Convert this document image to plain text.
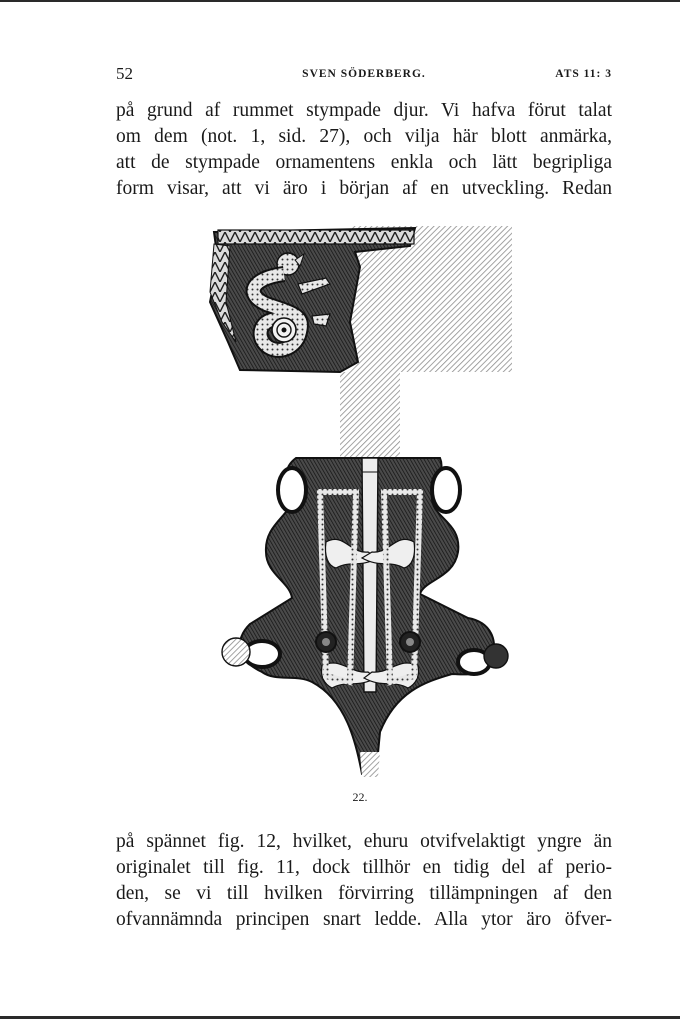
52	SVEN SÖDERBERG.	ATS 11: 3
på grund af rummet stympade djur. Vi hafva förut talat
om dem (not. 1, sid. 27), och vilja här blott anmärka,
att de stympade ornamentens enkla och lätt begripliga
form visar, att vi äro i början af en utveckling. Redan
22.
på spännet fig. 12, hvilket, ehuru otvifvelaktigt yngre än
originalet till fig. 11, dock tillhör en tidig del af perio-
den, se vi till hvilken förvirring tillämpningen af den
ofvannämnda principen snart ledde. Alla ytor äro öfver-
